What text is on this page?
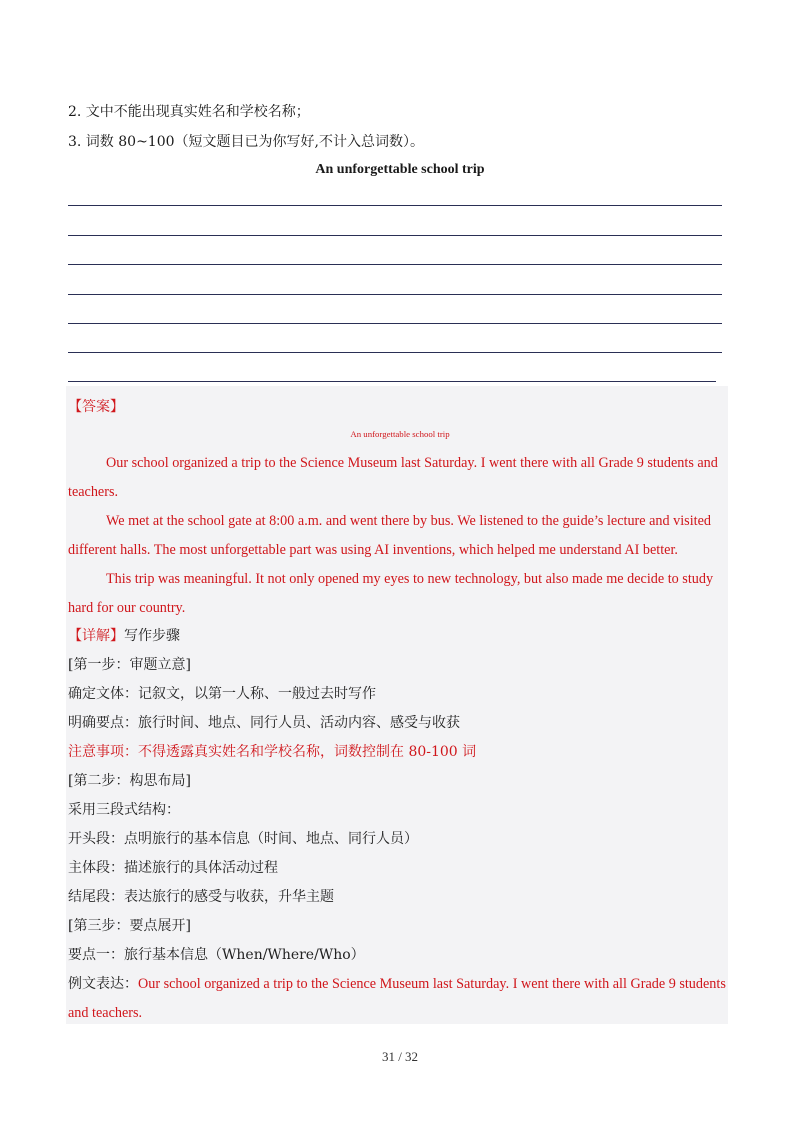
2. 文中不能出现真实姓名和学校名称；
3. 词数 80~100（短文题目已为你写好,不计入总词数）。
An unforgettable school trip
【答案】
An unforgettable school trip
Our school organized a trip to the Science Museum last Saturday. I went there with all Grade 9 students and
teachers.
We met at the school gate at 8:00 a.m. and went there by bus. We listened to the guide’s lecture and visited
different halls. The most unforgettable part was using AI inventions, which helped me understand AI better.
This trip was meaningful. It not only opened my eyes to new technology, but also made me decide to study
hard for our country.
【详解】写作步骤
[第一步：审题立意]
确定文体：记叙文，以第一人称、一般过去时写作
明确要点：旅行时间、地点、同行人员、活动内容、感受与收获
注意事项：不得透露真实姓名和学校名称，词数控制在 80-100 词
[第二步：构思布局]
采用三段式结构：
开头段：点明旅行的基本信息（时间、地点、同行人员）
主体段：描述旅行的具体活动过程
结尾段：表达旅行的感受与收获，升华主题
[第三步：要点展开]
要点一：旅行基本信息（When/Where/Who）
例文表达：Our school organized a trip to the Science Museum last Saturday. I went there with all Grade 9 students
and teachers.
31 / 32
